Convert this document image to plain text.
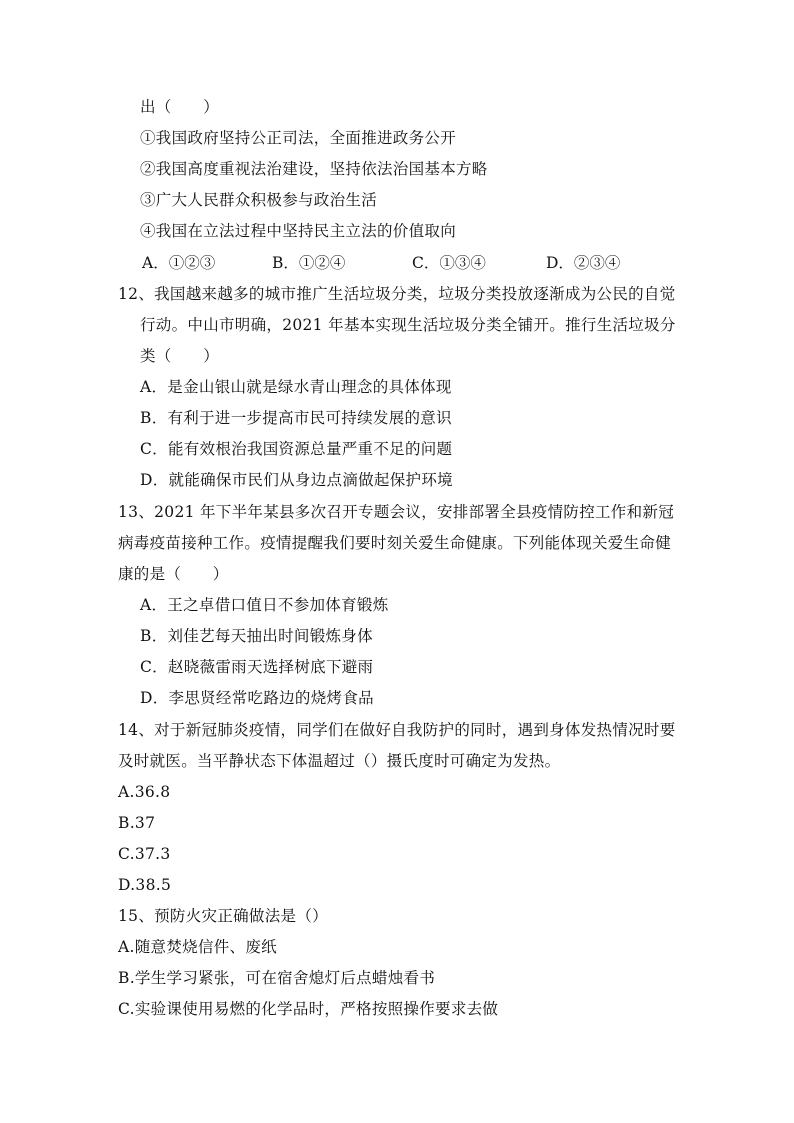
出（　　）
①我国政府坚持公正司法，全面推进政务公开
②我国高度重视法治建设，坚持依法治国基本方略
③广大人民群众积极参与政治生活
④我国在立法过程中坚持民主立法的价值取向
A．①②③	B．①②④	C．①③④	D．②③④
12、我国越来越多的城市推广生活垃圾分类，垃圾分类投放逐渐成为公民的自觉
行动。中山市明确，2021 年基本实现生活垃圾分类全铺开。推行生活垃圾分
类（　　）
A．是金山银山就是绿水青山理念的具体体现
B．有利于进一步提高市民可持续发展的意识
C．能有效根治我国资源总量严重不足的问题
D．就能确保市民们从身边点滴做起保护环境
13、2021 年下半年某县多次召开专题会议，安排部署全县疫情防控工作和新冠
病毒疫苗接种工作。疫情提醒我们要时刻关爱生命健康。下列能体现关爱生命健
康的是（　　）
A．王之卓借口值日不参加体育锻炼
B．刘佳艺每天抽出时间锻炼身体
C．赵晓薇雷雨天选择树底下避雨
D．李思贤经常吃路边的烧烤食品
14、对于新冠肺炎疫情，同学们在做好自我防护的同时，遇到身体发热情况时要
及时就医。当平静状态下体温超过（）摄氏度时可确定为发热。
A.36.8
B.37
C.37.3
D.38.5
15、预防火灾正确做法是（）
A.随意焚烧信件、废纸
B.学生学习紧张，可在宿舍熄灯后点蜡烛看书
C.实验课使用易燃的化学品时，严格按照操作要求去做
